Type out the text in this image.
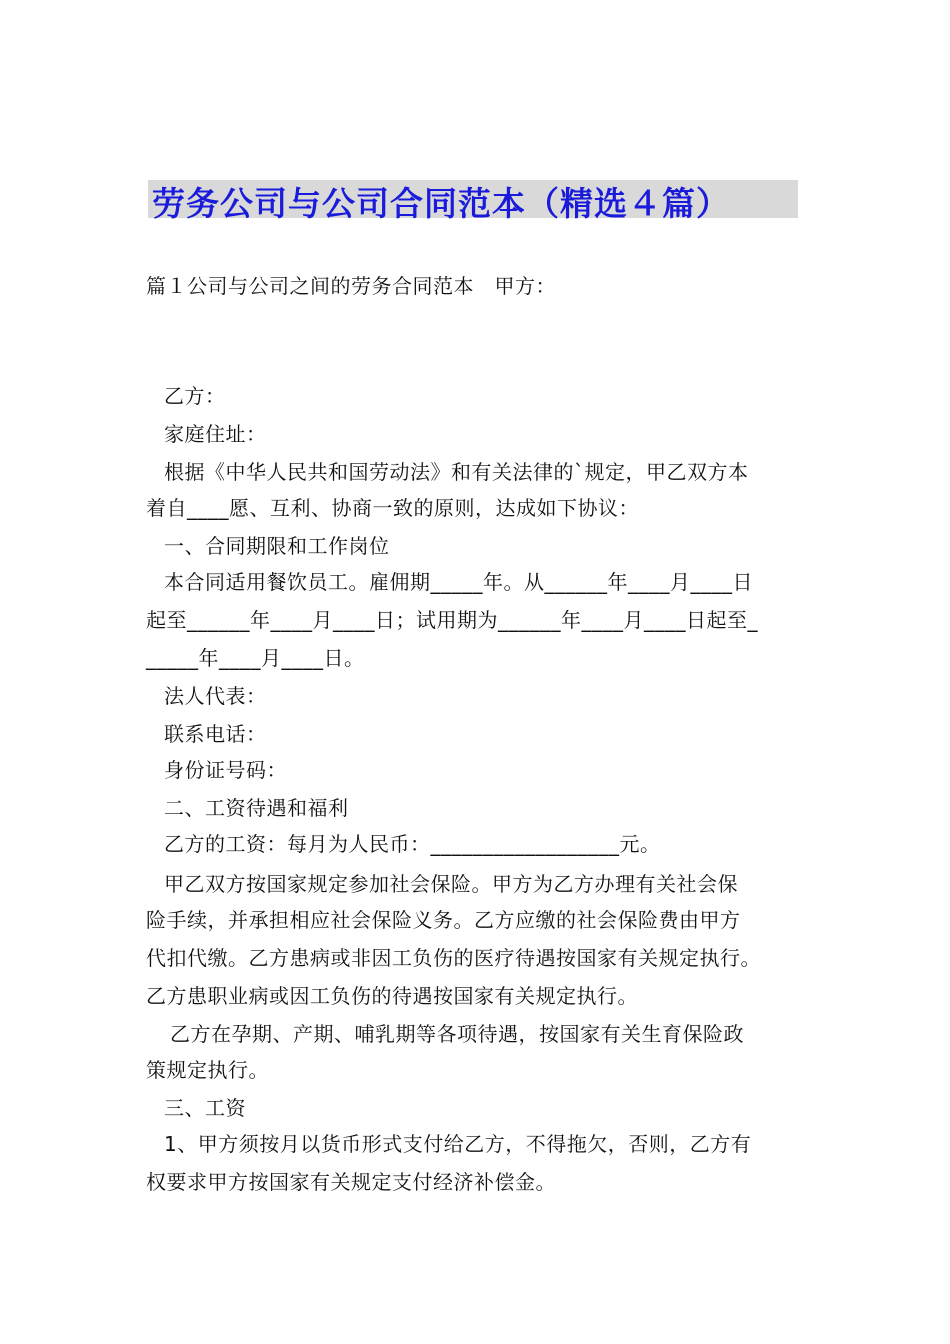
劳务公司与公司合同范本（精选４篇）
篇１公司与公司之间的劳务合同范本　甲方：
乙方：
家庭住址：
根据《中华人民共和国劳动法》和有关法律的`规定，甲乙双方本
着自____愿、互利、协商一致的原则，达成如下协议：
一、合同期限和工作岗位
本合同适用餐饮员工。雇佣期_____年。从______年____月____日
起至______年____月____日；试用期为______年____月____日起至_
_____年____月____日。
法人代表：
联系电话：
身份证号码：
二、工资待遇和福利
乙方的工资：每月为人民币：__________________元。
甲乙双方按国家规定参加社会保险。甲方为乙方办理有关社会保
险手续，并承担相应社会保险义务。乙方应缴的社会保险费由甲方
代扣代缴。乙方患病或非因工负伤的医疗待遇按国家有关规定执行。
乙方患职业病或因工负伤的待遇按国家有关规定执行。
乙方在孕期、产期、哺乳期等各项待遇，按国家有关生育保险政
策规定执行。
三、工资
1、甲方须按月以货币形式支付给乙方，不得拖欠，否则，乙方有
权要求甲方按国家有关规定支付经济补偿金。
